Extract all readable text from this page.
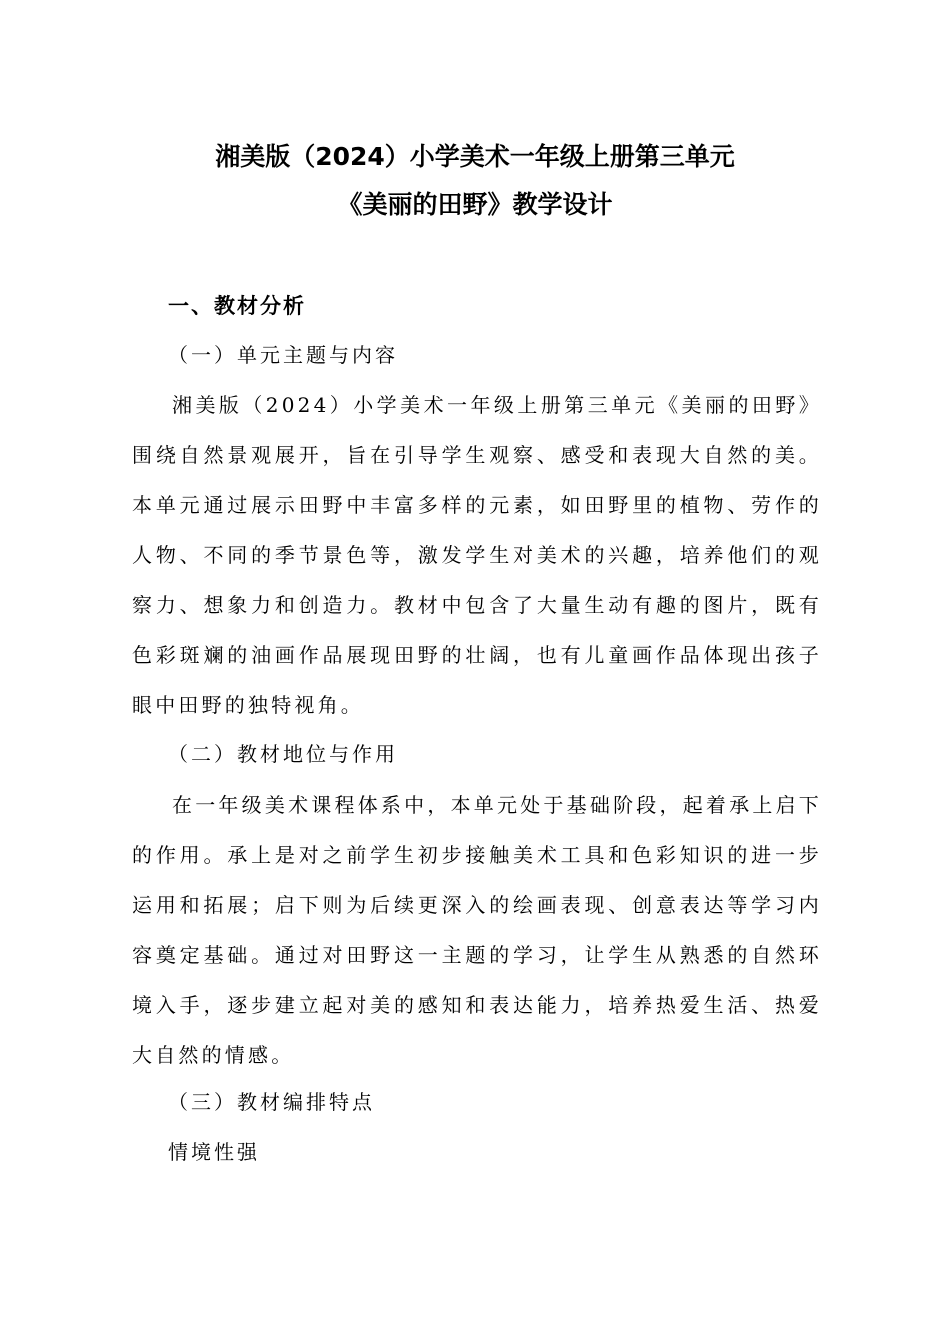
湘美版（2024）小学美术一年级上册第三单元
《美丽的田野》教学设计
一、教材分析
（一）单元主题与内容
湘美版（2024）小学美术一年级上册第三单元《美丽的田野》围绕自然景观展开，旨在引导学生观察、感受和表现大自然的美。本单元通过展示田野中丰富多样的元素，如田野里的植物、劳作的人物、不同的季节景色等，激发学生对美术的兴趣，培养他们的观察力、想象力和创造力。教材中包含了大量生动有趣的图片，既有色彩斑斓的油画作品展现田野的壮阔，也有儿童画作品体现出孩子眼中田野的独特视角。
（二）教材地位与作用
在一年级美术课程体系中，本单元处于基础阶段，起着承上启下的作用。承上是对之前学生初步接触美术工具和色彩知识的进一步运用和拓展；启下则为后续更深入的绘画表现、创意表达等学习内容奠定基础。通过对田野这一主题的学习，让学生从熟悉的自然环境入手，逐步建立起对美的感知和表达能力，培养热爱生活、热爱大自然的情感。
（三）教材编排特点
情境性强
